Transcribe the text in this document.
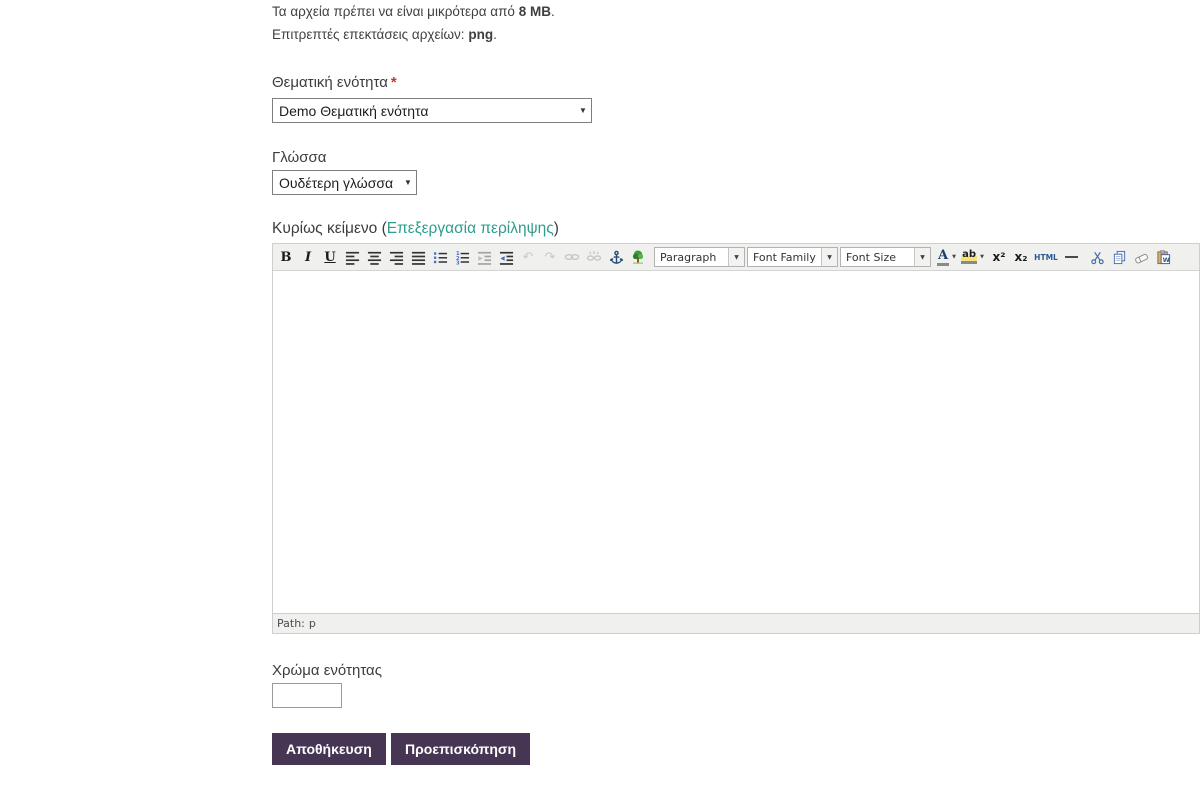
Τα αρχεία πρέπει να είναι μικρότερα από 8 MB.
Επιτρεπτές επεκτάσεις αρχείων: png.
Θεματική ενότητα *
Demo Θεματική ενότητα	▼
Γλώσσα
Ουδέτερη γλώσσα	▼
Κυρίως κείμενο (Επεξεργασία περίληψης)
B	I	U	1
2
3	↶ ↷	Paragraph	▼	Font Family	▼	Font Size	▼	A ▼ ab ▼ x² x₂ HTML	W
Path: p
Χρώμα ενότητας
Αποθήκευση	Προεπισκόπηση
